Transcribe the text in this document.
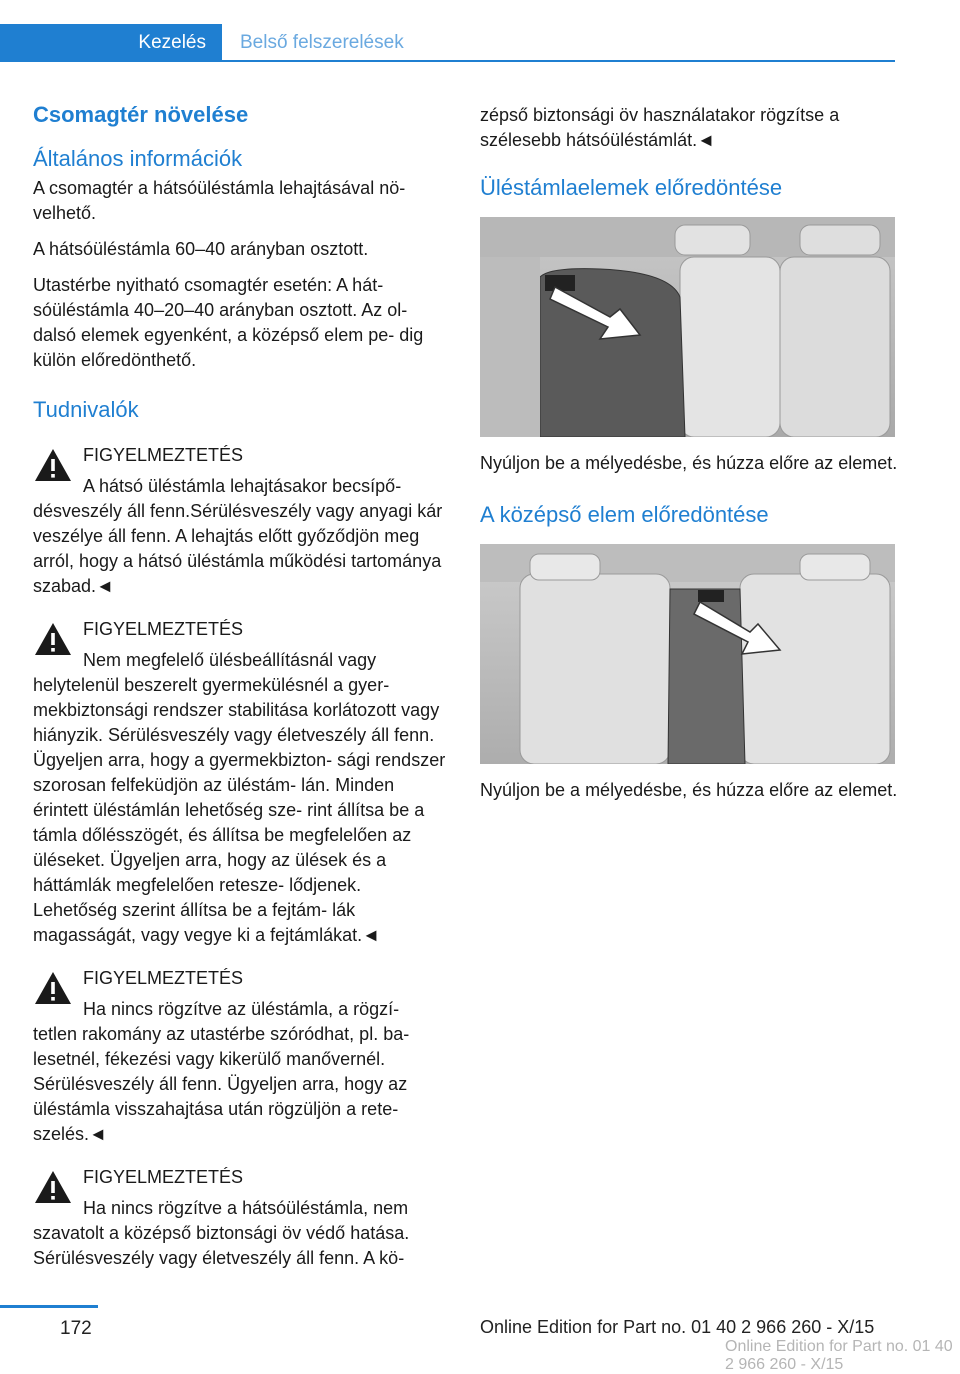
Kezelés	Belső felszerelések
Csomagtér növelése
Általános információk

A csomagtér a hátsóüléstámla lehajtásával nö‐ velhető.

A hátsóüléstámla 60–40 arányban osztott.

Utastérbe nyitható csomagtér esetén: A hát‐ sóüléstámla 40–20–40 arányban osztott. Az ol‐ dalsó elemek egyenként, a középső elem pe‐ dig külön előredönthető.

Tudnivalók
FIGYELMEZTETÉS

A hátsó üléstámla lehajtásakor becsípő‐ désveszély áll fenn.Sérülésveszély vagy anyagi kár veszélye áll fenn. A lehajtás előtt győződjön meg arról, hogy a hátsó üléstámla működési tartománya szabad.◄

FIGYELMEZTETÉS

Nem megfelelő ülésbeállításnál vagy helytelenül beszerelt gyermekülésnél a gyer‐ mekbiztonsági rendszer stabilitása korlátozott vagy hiányzik. Sérülésveszély vagy életveszély áll fenn. Ügyeljen arra, hogy a gyermekbizton‐ sági rendszer szorosan felfeküdjön az üléstám‐ lán. Minden érintett üléstámlán lehetőség sze‐ rint állítsa be a támla dőlésszögét, és állítsa be megfelelően az üléseket. Ügyeljen arra, hogy az ülések és a háttámlák megfelelően retesze‐ lődjenek. Lehetőség szerint állítsa be a fejtám‐ lák magasságát, vagy vegye ki a fejtámlákat.◄

FIGYELMEZTETÉS

Ha nincs rögzítve az üléstámla, a rögzí‐ tetlen rakomány az utastérbe szóródhat, pl. ba‐ lesetnél, fékezési vagy kikerülő manővernél. Sérülésveszély áll fenn. Ügyeljen arra, hogy az üléstámla visszahajtása után rögzüljön a rete‐ szelés.◄

FIGYELMEZTETÉS

Ha nincs rögzítve a hátsóüléstámla, nem szavatolt a középső biztonsági öv védő hatása. Sérülésveszély vagy életveszély áll fenn. A kö‐

zépső biztonsági öv használatakor rögzítse a szélesebb hátsóüléstámlát.◄

Üléstámlaelemek előredöntése

Nyúljon be a mélyedésbe, és húzza előre az elemet.

A középső elem előredöntése

Nyúljon be a mélyedésbe, és húzza előre az elemet.

172	Online Edition for Part no. 01 40 2 966 260 - X/15
Online Edition for Part no. 01 40 2 966 260 - X/15
